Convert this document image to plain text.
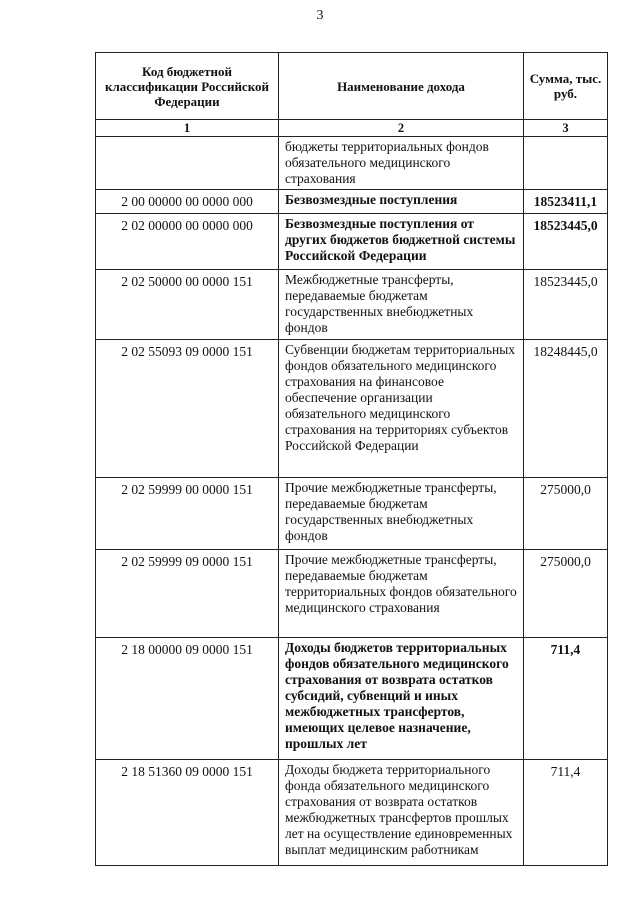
3
Код бюджетной классификации Российской Федерации	Наименование дохода	Сумма, тыс. руб.
1	2	3
	бюджеты территориальных фондов обязательного медицинского страхования	
2 00 00000 00 0000 000	Безвозмездные поступления	18523411,1
2 02 00000 00 0000 000	Безвозмездные поступления от других бюджетов бюджетной системы Российской Федерации	18523445,0
2 02 50000 00 0000 151	Межбюджетные трансферты, передаваемые бюджетам государственных внебюджетных фондов	18523445,0
2 02 55093 09 0000 151	Субвенции бюджетам территориальных фондов обязательного медицинского страхования на финансовое обеспечение организации обязательного медицинского страхования на территориях субъектов Российской Федерации	18248445,0
2 02 59999 00 0000 151	Прочие межбюджетные трансферты, передаваемые бюджетам государственных внебюджетных фондов	275000,0
2 02 59999 09 0000 151	Прочие межбюджетные трансферты, передаваемые бюджетам территориальных фондов обязательного медицинского страхования	275000,0
2 18 00000 09 0000 151	Доходы бюджетов территориальных фондов обязательного медицинского страхования от возврата остатков субсидий, субвенций и иных межбюджетных трансфертов, имеющих целевое назначение, прошлых лет	711,4
2 18 51360 09 0000 151	Доходы бюджета территориального фонда обязательного медицинского страхования от возврата остатков межбюджетных трансфертов прошлых лет на осуществление единовременных выплат медицинским работникам	711,4
